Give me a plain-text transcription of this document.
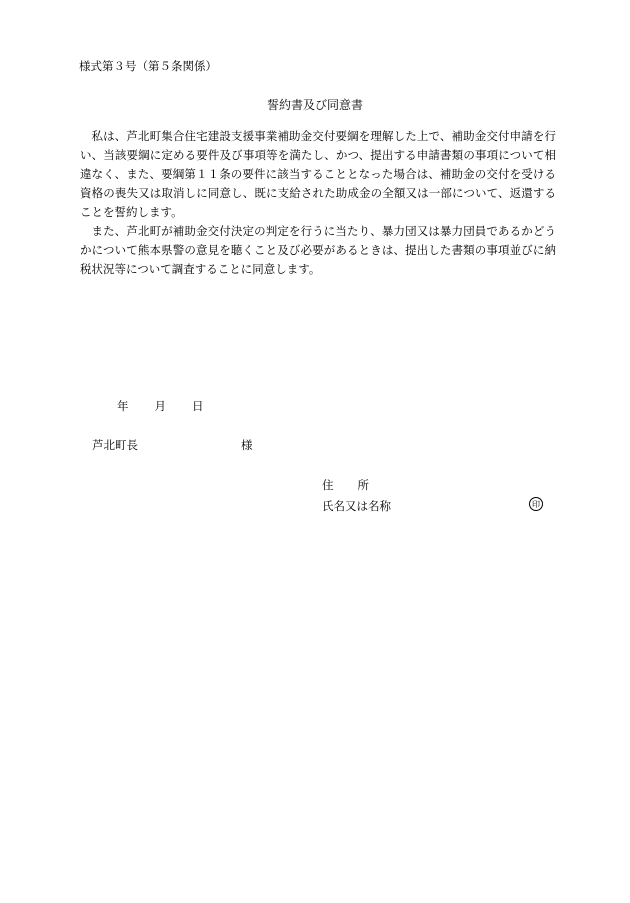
様式第３号（第５条関係）
誓約書及び同意書

私は、芦北町集合住宅建設支援事業補助金交付要綱を理解した上で、補助金交付申請を行い、当該要綱に定める要件及び事項等を満たし、かつ、提出する申請書類の事項について相違なく、また、要綱第１１条の要件に該当することとなった場合は、補助金の交付を受ける資格の喪失又は取消しに同意し、既に支給された助成金の全額又は一部について、返還することを誓約します。

また、芦北町が補助金交付決定の判定を行うに当たり、暴力団又は暴力団員であるかどうかについて熊本県警の意見を聴くこと及び必要があるときは、提出した書類の事項並びに納税状況等について調査することに同意します。

年 月 日
芦北町長	様
住 所
氏名又は名称	印
